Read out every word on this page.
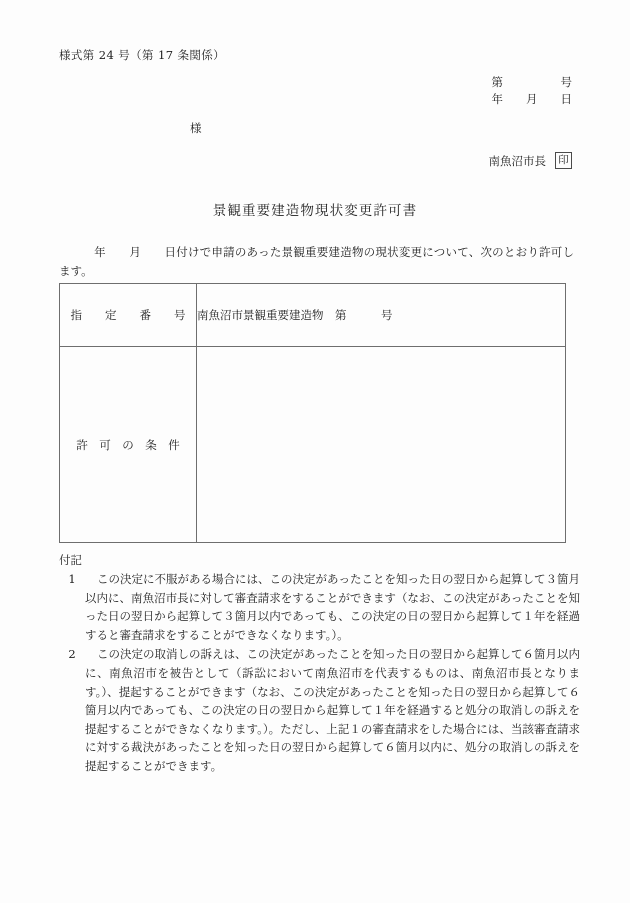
様式第 24 号（第 17 条関係）
第　　　　　号
年　　月　　日
様
南魚沼市長	印
景観重要建造物現状変更許可書
　　　年　　月　　日付けで申請のあった景観重要建造物の現状変更について、次のとおり許可します。
指　　定　　番　　号	南魚沼市景観重要建造物　第　　　号
許　可　の　条　件	
付記
1	この決定に不服がある場合には、この決定があったことを知った日の翌日から起算して３箇月以内に、南魚沼市長に対して審査請求をすることができます（なお、この決定があったことを知った日の翌日から起算して３箇月以内であっても、この決定の日の翌日から起算して１年を経過すると審査請求をすることができなくなります。）。
2	この決定の取消しの訴えは、この決定があったことを知った日の翌日から起算して６箇月以内に、南魚沼市を被告として（訴訟において南魚沼市を代表するものは、南魚沼市長となります。）、提起することができます（なお、この決定があったことを知った日の翌日から起算して６箇月以内であっても、この決定の日の翌日から起算して１年を経過すると処分の取消しの訴えを提起することができなくなります。）。ただし、上記１の審査請求をした場合には、当該審査請求に対する裁決があったことを知った日の翌日から起算して６箇月以内に、処分の取消しの訴えを提起することができます。
